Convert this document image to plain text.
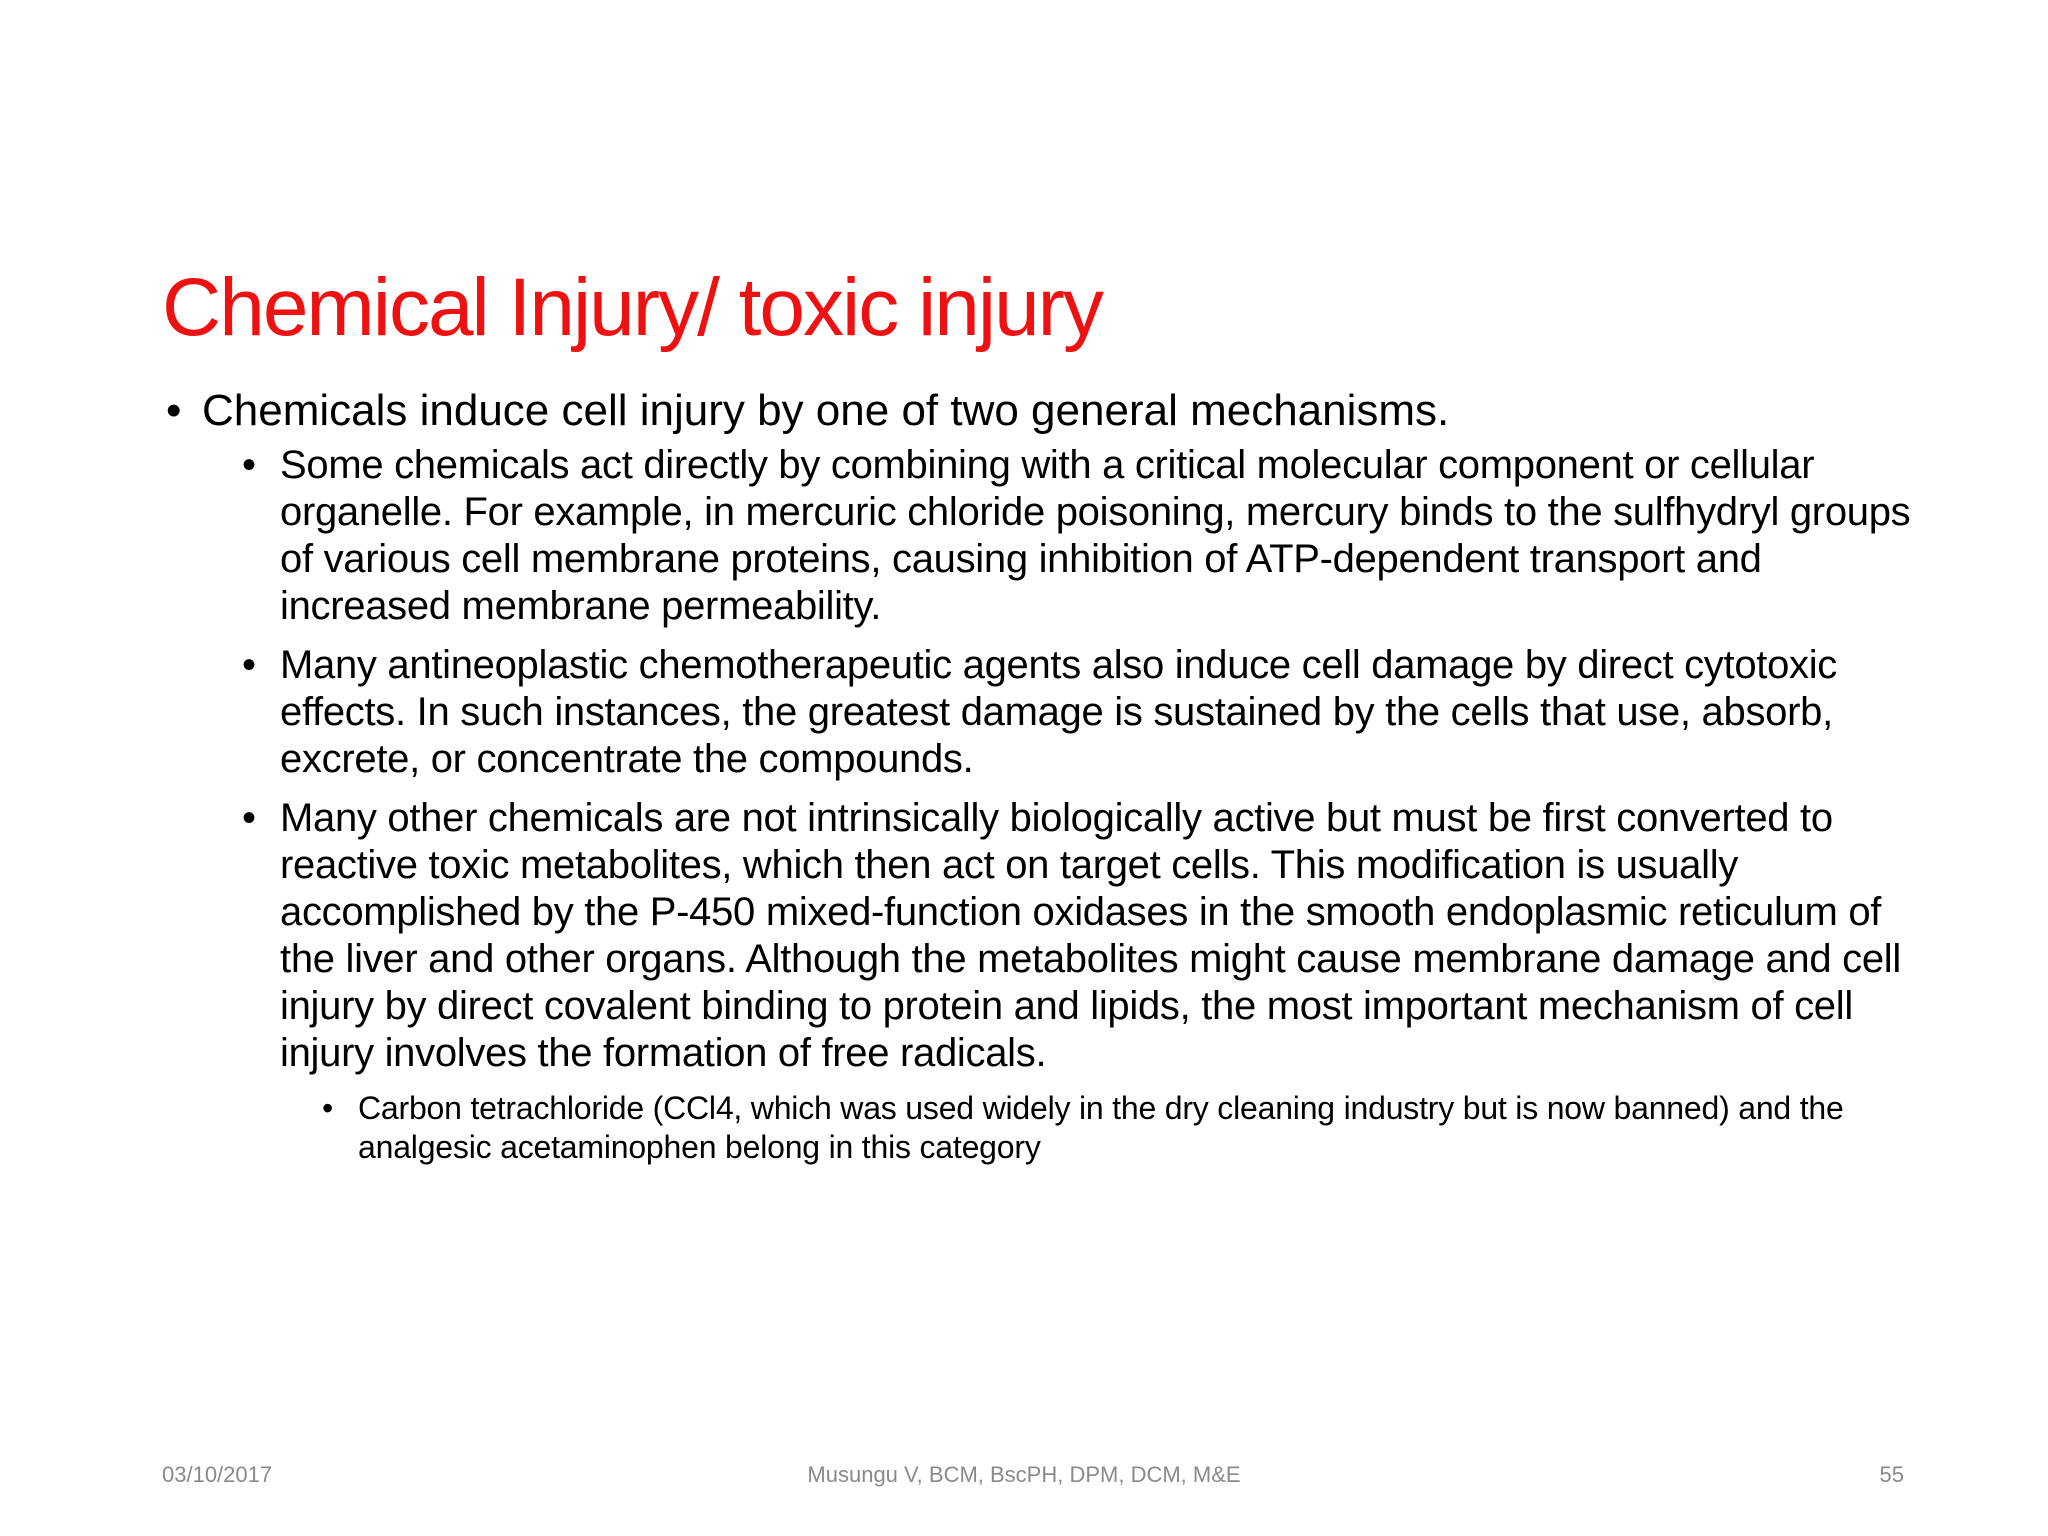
Chemical Injury/ toxic injury
• Chemicals induce cell injury by one of two general mechanisms.
• Some chemicals act directly by combining with a critical molecular component or cellular organelle. For example, in mercuric chloride poisoning, mercury binds to the sulfhydryl groups of various cell membrane proteins, causing inhibition of ATP-dependent transport and increased membrane permeability.
• Many antineoplastic chemotherapeutic agents also induce cell damage by direct cytotoxic effects. In such instances, the greatest damage is sustained by the cells that use, absorb, excrete, or concentrate the compounds.
• Many other chemicals are not intrinsically biologically active but must be first converted to reactive toxic metabolites, which then act on target cells. This modification is usually accomplished by the P-450 mixed-function oxidases in the smooth endoplasmic reticulum of the liver and other organs. Although the metabolites might cause membrane damage and cell injury by direct covalent binding to protein and lipids, the most important mechanism of cell injury involves the formation of free radicals.
• Carbon tetrachloride (CCl4, which was used widely in the dry cleaning industry but is now banned) and the analgesic acetaminophen belong in this category
03/10/2017	Musungu V, BCM, BscPH, DPM, DCM, M&E	55
